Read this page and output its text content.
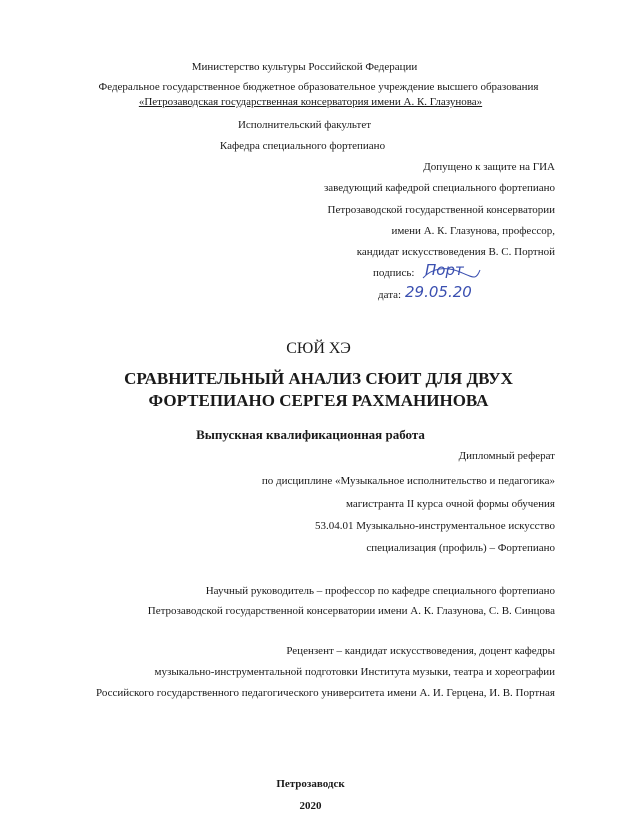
Министерство культуры Российской Федерации
Федеральное государственное бюджетное образовательное учреждение высшего образования
«Петрозаводская государственная консерватория имени А. К. Глазунова»
Исполнительский факультет
Кафедра специального фортепиано
Допущено к защите на ГИА
заведующий кафедрой специального фортепиано
Петрозаводской государственной консерватории
имени А. К. Глазунова, профессор,
кандидат искусствоведения В. С. Портной
подпись: Порт
дата: 29.05.20
СЮЙ ХЭ
СРАВНИТЕЛЬНЫЙ АНАЛИЗ СЮИТ ДЛЯ ДВУХ
ФОРТЕПИАНО СЕРГЕЯ РАХМАНИНОВА
Выпускная квалификационная работа
Дипломный реферат
по дисциплине «Музыкальное исполнительство и педагогика»
магистранта II курса очной формы обучения
53.04.01 Музыкально-инструментальное искусство
специализация (профиль) – Фортепиано
Научный руководитель – профессор по кафедре специального фортепиано
Петрозаводской государственной консерватории имени А. К. Глазунова, С. В. Синцова
Рецензент – кандидат искусствоведения, доцент кафедры
музыкально-инструментальной подготовки Института музыки, театра и хореографии
Российского государственного педагогического университета имени А. И. Герцена, И. В. Портная
Петрозаводск
2020
